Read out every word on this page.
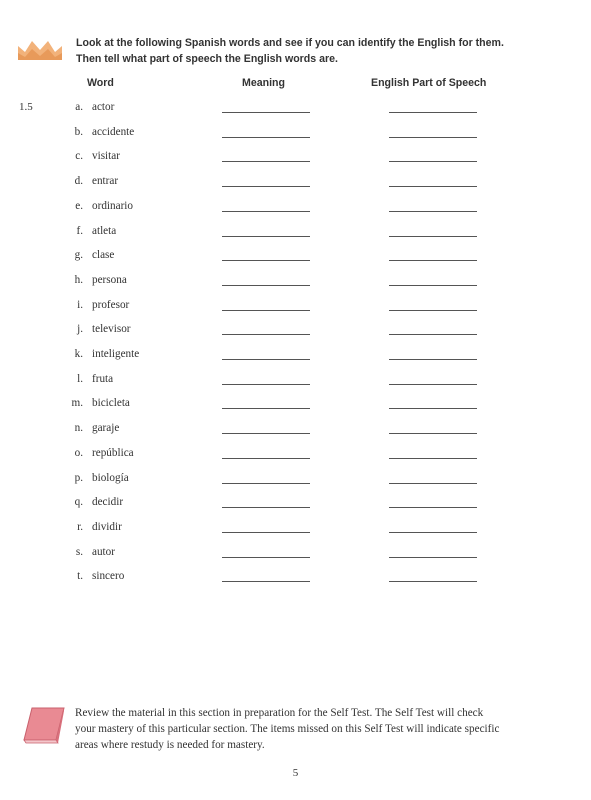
Look at the following Spanish words and see if you can identify the English for them.
Then tell what part of speech the English words are.
Word	Meaning	English Part of Speech
1.5	a. actor
b. accidente
c. visitar
d. entrar
e. ordinario
f. atleta
g. clase
h. persona
i. profesor
j. televisor
k. inteligente
l. fruta
m. bicicleta
n. garaje
o. república
p. biología
q. decidir
r. dividir
s. autor
t. sincero
Review the material in this section in preparation for the Self Test. The Self Test will check
your mastery of this particular section. The items missed on this Self Test will indicate specific
areas where restudy is needed for mastery.
5
